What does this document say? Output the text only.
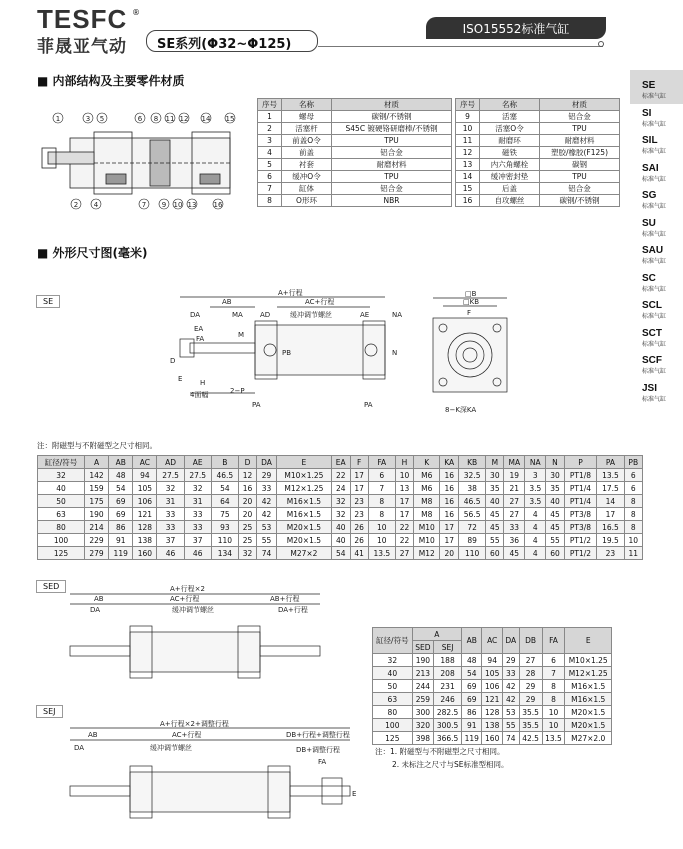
TESFC ®
菲晟亚气动	SE系列(Φ32~Φ125)
ISO15552标准气缸
SE
标准气缸
SI
标准气缸
SIL
标准气缸
SAI
标准气缸
SG
标准气缸
SU
标准气缸
SAU
标准气缸
SC
标准气缸
SCL
标准气缸
SCT
标准气缸
SCF
标准气缸
JSI
标准气缸
■ 内部结构及主要零件材质
1	3 5	6 8 11 12 14 15
2 4	7 9 10 13 16
序号	名称	材质
1	螺母	碳钢/不锈钢
2	活塞杆	S45C 镀硬铬研磨棒/不锈钢
3	前盖O令	TPU
4	前盖	铝合金
5	衬套	耐磨材料
6	缓冲O令	TPU
7	缸体	铝合金
8	O形环	NBR
序号	名称	材质
9	活塞	铝合金
10	活塞O令	TPU
11	耐磨环	耐磨材料
12	磁铁	塑胶/橡胶(F125)
13	内六角螺栓	碳钢
14	缓冲密封垫	TPU
15	后盖	铝合金
16	自攻螺丝	碳钢/不锈钢
■ 外形尺寸图(毫米)
SE
A+行程
AB	AC+行程
AD	AE	NA
DA	MA	缓冲调节螺丝
EA
FA
D
E	H
4面幅
M
PB	N
2−P
PA	PA
□B
□KB
F
8−K深KA
注：附磁型与不附磁型之尺寸相同。
缸径/符号	A	AB	AC	AD	AE	B	D	DA	E	EA	F	FA	H	K	KA	KB	M	MA	NA	N	P	PA	PB
32	142	48	94	27.5	27.5	46.5	12	29	M10×1.25	22	17	6	10	M6	16	32.5	30	19	3	30	PT1/8	13.5	6
40	159	54	105	32	32	54	16	33	M12×1.25	24	17	7	13	M6	16	38	35	21	3.5	35	PT1/4	17.5	6
50	175	69	106	31	31	64	20	42	M16×1.5	32	23	8	17	M8	16	46.5	40	27	3.5	40	PT1/4	14	8
63	190	69	121	33	33	75	20	42	M16×1.5	32	23	8	17	M8	16	56.5	45	27	4	45	PT3/8	17	8
80	214	86	128	33	33	93	25	53	M20×1.5	40	26	10	22	M10	17	72	45	33	4	45	PT3/8	16.5	8
100	229	91	138	37	37	110	25	55	M20×1.5	40	26	10	22	M10	17	89	55	36	4	55	PT1/2	19.5	10
125	279	119	160	46	46	134	32	74	M27×2	54	41	13.5	27	M12	20	110	60	45	4	60	PT1/2	23	11
SED	A+行程×2
AB	AC+行程	AB+行程
DA	DA+行程
缓冲调节螺丝
SEJ
A+行程×2+调整行程
AB	AC+行程	DB+行程+调整行程
DB+调整行程
DA	缓冲调节螺丝
FA
E
缸径/符号	A		AB	AC	DA	DB	FA	E
	SED	SEJ						
32	190	188	48	94	29	27	6	M10×1.25
40	213	208	54	105	33	28	7	M12×1.25
50	244	231	69	106	42	29	8	M16×1.5
63	259	246	69	121	42	29	8	M16×1.5
80	300	282.5	86	128	53	35.5	10	M20×1.5
100	320	300.5	91	138	55	35.5	10	M20×1.5
125	398	366.5	119	160	74	42.5	13.5	M27×2.0
注：1. 附磁型与不附磁型之尺寸相同。
2. 未标注之尺寸与SE标准型相同。
